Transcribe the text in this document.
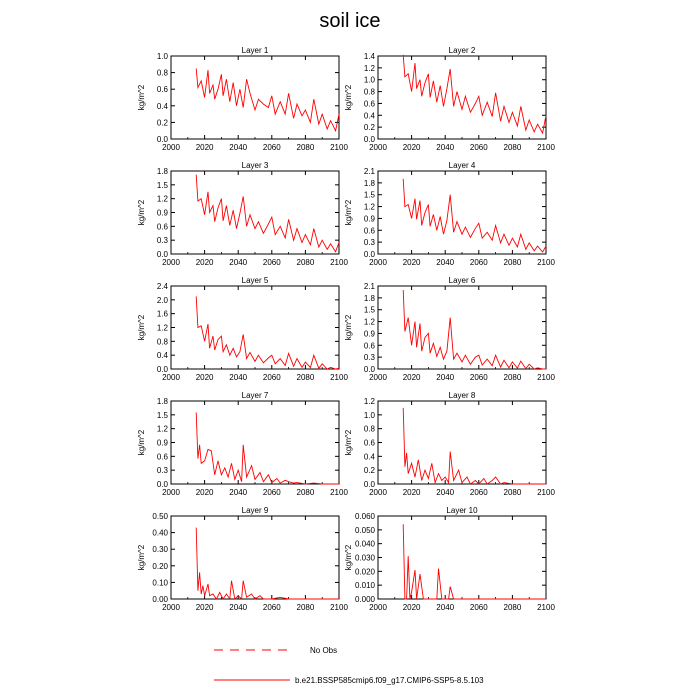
soil ice
2000 2020 2040 2060 2080 2100
0.0
0.2
0.4
0.6
0.8
1.0
Layer 1
kg/m^2
2000 2020 2040 2060 2080 2100
0.0
0.2
0.4
0.6
0.8
1.0
1.2
1.4
Layer 2
kg/m^2
2000 2020 2040 2060 2080 2100
0.0
0.3
0.6
0.9
1.2
1.5
1.8
Layer 3
kg/m^2
2000 2020 2040 2060 2080 2100
0.0
0.3
0.6
0.9
1.2
1.5
1.8
2.1
Layer 4
kg/m^2
2000 2020 2040 2060 2080 2100
0.0
0.4
0.8
1.2
1.6
2.0
2.4
Layer 5
kg/m^2
2000 2020 2040 2060 2080 2100
0.0
0.3
0.6
0.9
1.2
1.5
1.8
2.1
Layer 6
kg/m^2
2000 2020 2040 2060 2080 2100
0.0
0.3
0.6
0.9
1.2
1.5
1.8
Layer 7
kg/m^2
2000 2020 2040 2060 2080 2100
0.0
0.2
0.4
0.6
0.8
1.0
1.2
Layer 8
kg/m^2
2000 2020 2040 2060 2080 2100
0.00
0.10
0.20
0.30
0.40
0.50
Layer 9
kg/m^2
2000 2020 2040 2060 2080 2100
0.000
0.010
0.020
0.030
0.040
0.050
0.060
Layer 10
kg/m^2
No Obs
b.e21.BSSP585cmip6.f09_g17.CMIP6-SSP5-8.5.103
